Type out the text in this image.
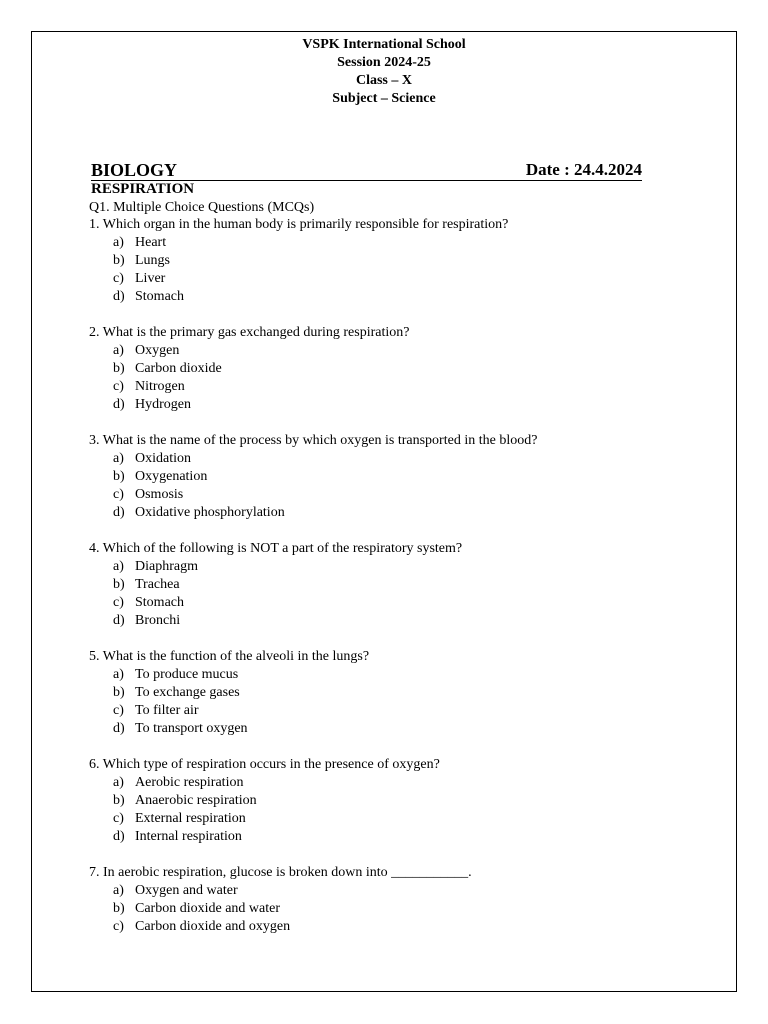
VSPK International School
Session 2024-25
Class – X
Subject – Science
BIOLOGY	Date : 24.4.2024
RESPIRATION
Q1. Multiple Choice Questions (MCQs)
1. Which organ in the human body is primarily responsible for respiration?
a) Heart
b) Lungs
c) Liver
d) Stomach
2. What is the primary gas exchanged during respiration?
a) Oxygen
b) Carbon dioxide
c) Nitrogen
d) Hydrogen
3. What is the name of the process by which oxygen is transported in the blood?
a) Oxidation
b) Oxygenation
c) Osmosis
d) Oxidative phosphorylation
4. Which of the following is NOT a part of the respiratory system?
a) Diaphragm
b) Trachea
c) Stomach
d) Bronchi
5. What is the function of the alveoli in the lungs?
a) To produce mucus
b) To exchange gases
c) To filter air
d) To transport oxygen
6. Which type of respiration occurs in the presence of oxygen?
a) Aerobic respiration
b) Anaerobic respiration
c) External respiration
d) Internal respiration
7. In aerobic respiration, glucose is broken down into ___________.
a) Oxygen and water
b) Carbon dioxide and water
c) Carbon dioxide and oxygen
